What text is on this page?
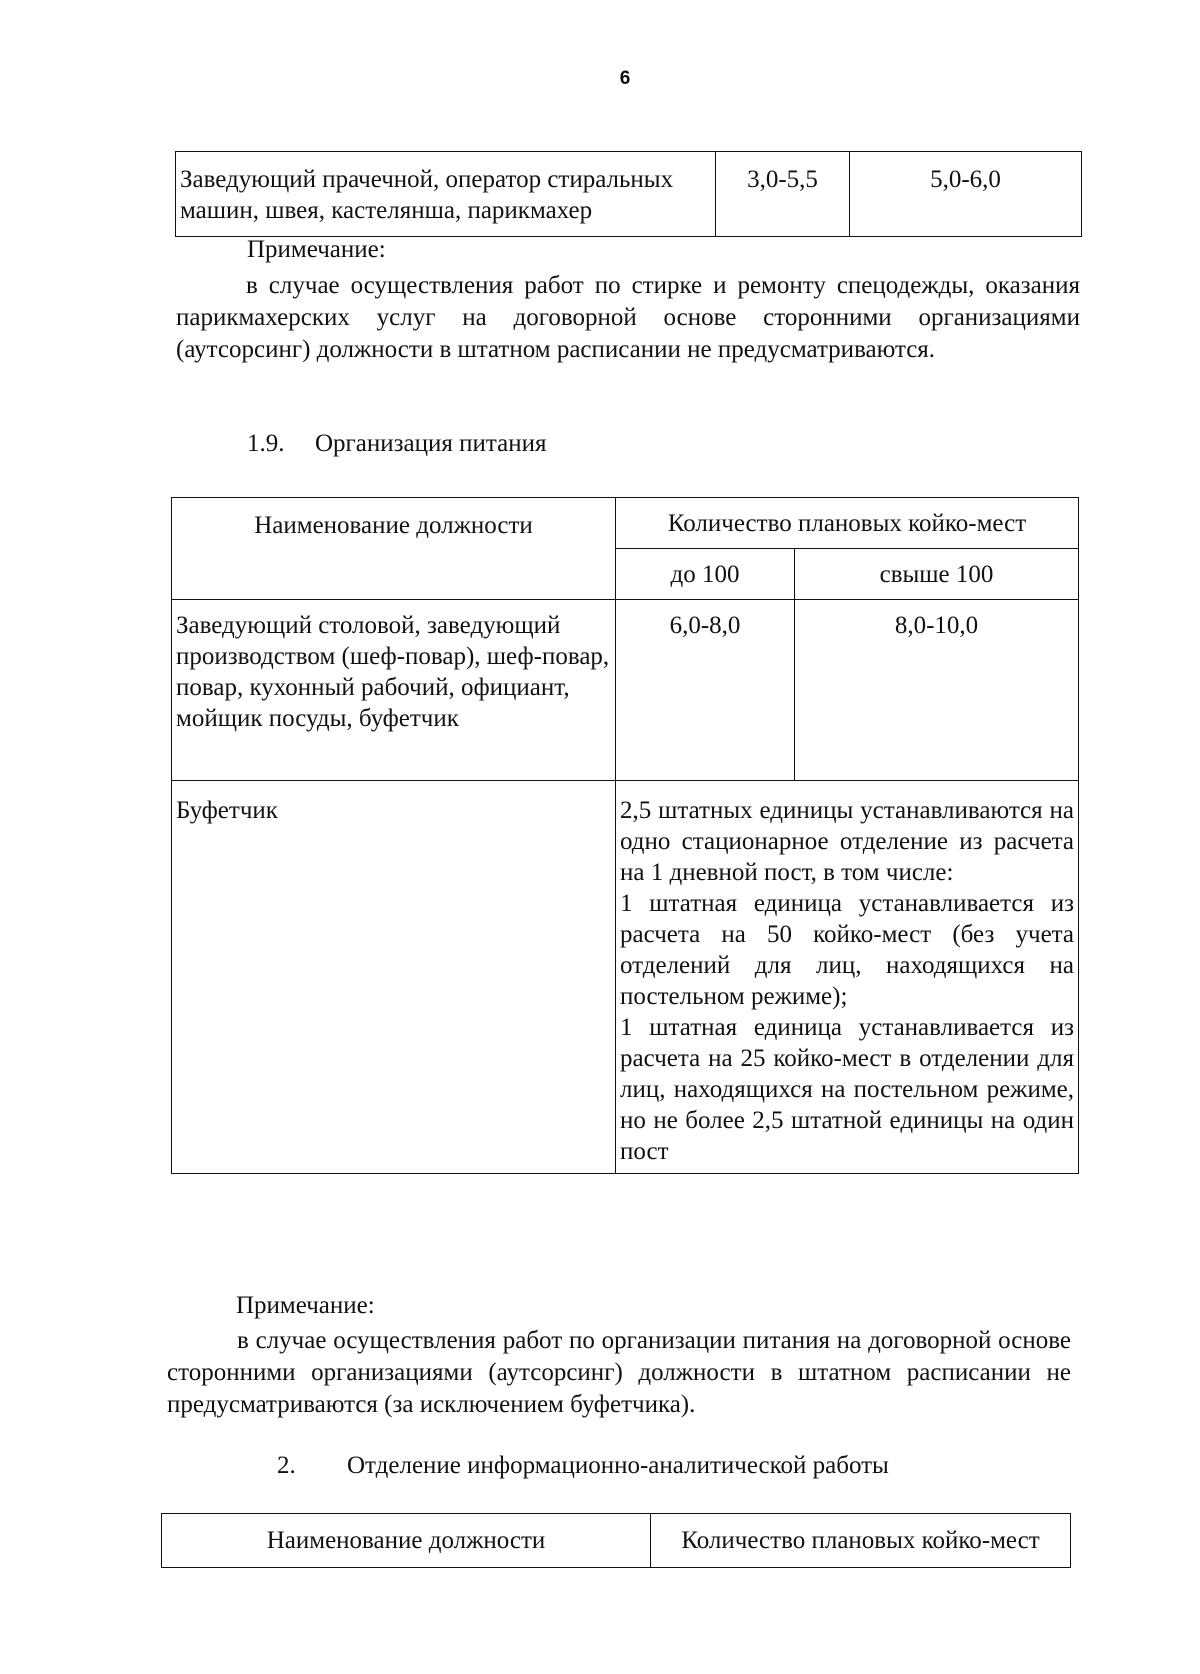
6
Заведующий прачечной, оператор стиральных машин, швея, кастелянша, парикмахер	3,0-5,5	5,0-6,0
Примечание:
в случае осуществления работ по стирке и ремонту спецодежды, оказания парикмахерских услуг на договорной основе сторонними организациями (аутсорсинг) должности в штатном расписании не предусматриваются.
1.9. Организация питания
Наименование должности	Количество плановых койко-мест	
	до 100	свыше 100
Заведующий столовой, заведующий производством (шеф-повар), шеф-повар, повар, кухонный рабочий, официант, мойщик посуды, буфетчик	6,0-8,0	8,0-10,0
Буфетчик	2,5 штатных единицы устанавливаются на одно стационарное отделение из расчета на 1 дневной пост, в том числе:
1 штатная единица устанавливается из расчета на 50 койко-мест (без учета отделений для лиц, находящихся на постельном режиме);
1 штатная единица устанавливается из расчета на 25 койко-мест в отделении для лиц, находящихся на постельном режиме, но не более 2,5 штатной единицы на один пост	
Примечание:
в случае осуществления работ по организации питания на договорной основе сторонними организациями (аутсорсинг) должности в штатном расписании не предусматриваются (за исключением буфетчика).
2. Отделение информационно-аналитической работы
Наименование должности	Количество плановых койко-мест
